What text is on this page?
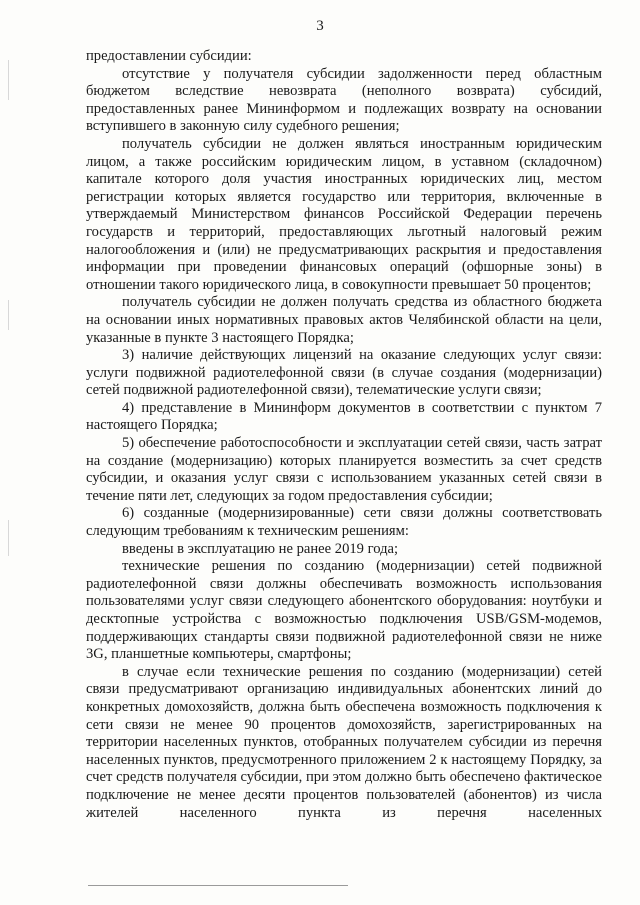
3

предоставлении субсидии:

отсутствие у получателя субсидии задолженности перед областным бюджетом вследствие невозврата (неполного возврата) субсидий, предоставленных ранее Мининформом и подлежащих возврату на основании вступившего в законную силу судебного решения;

получатель субсидии не должен являться иностранным юридическим лицом, а также российским юридическим лицом, в уставном (складочном) капитале которого доля участия иностранных юридических лиц, местом регистрации которых является государство или территория, включенные в утверждаемый Министерством финансов Российской Федерации перечень государств и территорий, предоставляющих льготный налоговый режим налогообложения и (или) не предусматривающих раскрытия и предоставления информации при проведении финансовых операций (офшорные зоны) в отношении такого юридического лица, в совокупности превышает 50 процентов;

получатель субсидии не должен получать средства из областного бюджета на основании иных нормативных правовых актов Челябинской области на цели, указанные в пункте 3 настоящего Порядка;

3) наличие действующих лицензий на оказание следующих услуг связи: услуги подвижной радиотелефонной связи (в случае создания (модернизации) сетей подвижной радиотелефонной связи), телематические услуги связи;

4) представление в Мининформ документов в соответствии с пунктом 7 настоящего Порядка;

5) обеспечение работоспособности и эксплуатации сетей связи, часть затрат на создание (модернизацию) которых планируется возместить за счет средств субсидии, и оказания услуг связи с использованием указанных сетей связи в течение пяти лет, следующих за годом предоставления субсидии;

6) созданные (модернизированные) сети связи должны соответствовать следующим требованиям к техническим решениям:

введены в эксплуатацию не ранее 2019 года;

технические решения по созданию (модернизации) сетей подвижной радиотелефонной связи должны обеспечивать возможность использования пользователями услуг связи следующего абонентского оборудования: ноутбуки и десктопные устройства с возможностью подключения USB/GSM-модемов, поддерживающих стандарты связи подвижной радиотелефонной связи не ниже 3G, планшетные компьютеры, смартфоны;

в случае если технические решения по созданию (модернизации) сетей связи предусматривают организацию индивидуальных абонентских линий до конкретных домохозяйств, должна быть обеспечена возможность подключения к сети связи не менее 90 процентов домохозяйств, зарегистрированных на территории населенных пунктов, отобранных получателем субсидии из перечня населенных пунктов, предусмотренного приложением 2 к настоящему Порядку, за счет средств получателя субсидии, при этом должно быть обеспечено фактическое подключение не менее десяти процентов пользователей (абонентов) из числа жителей населенного пункта из перечня населенных
